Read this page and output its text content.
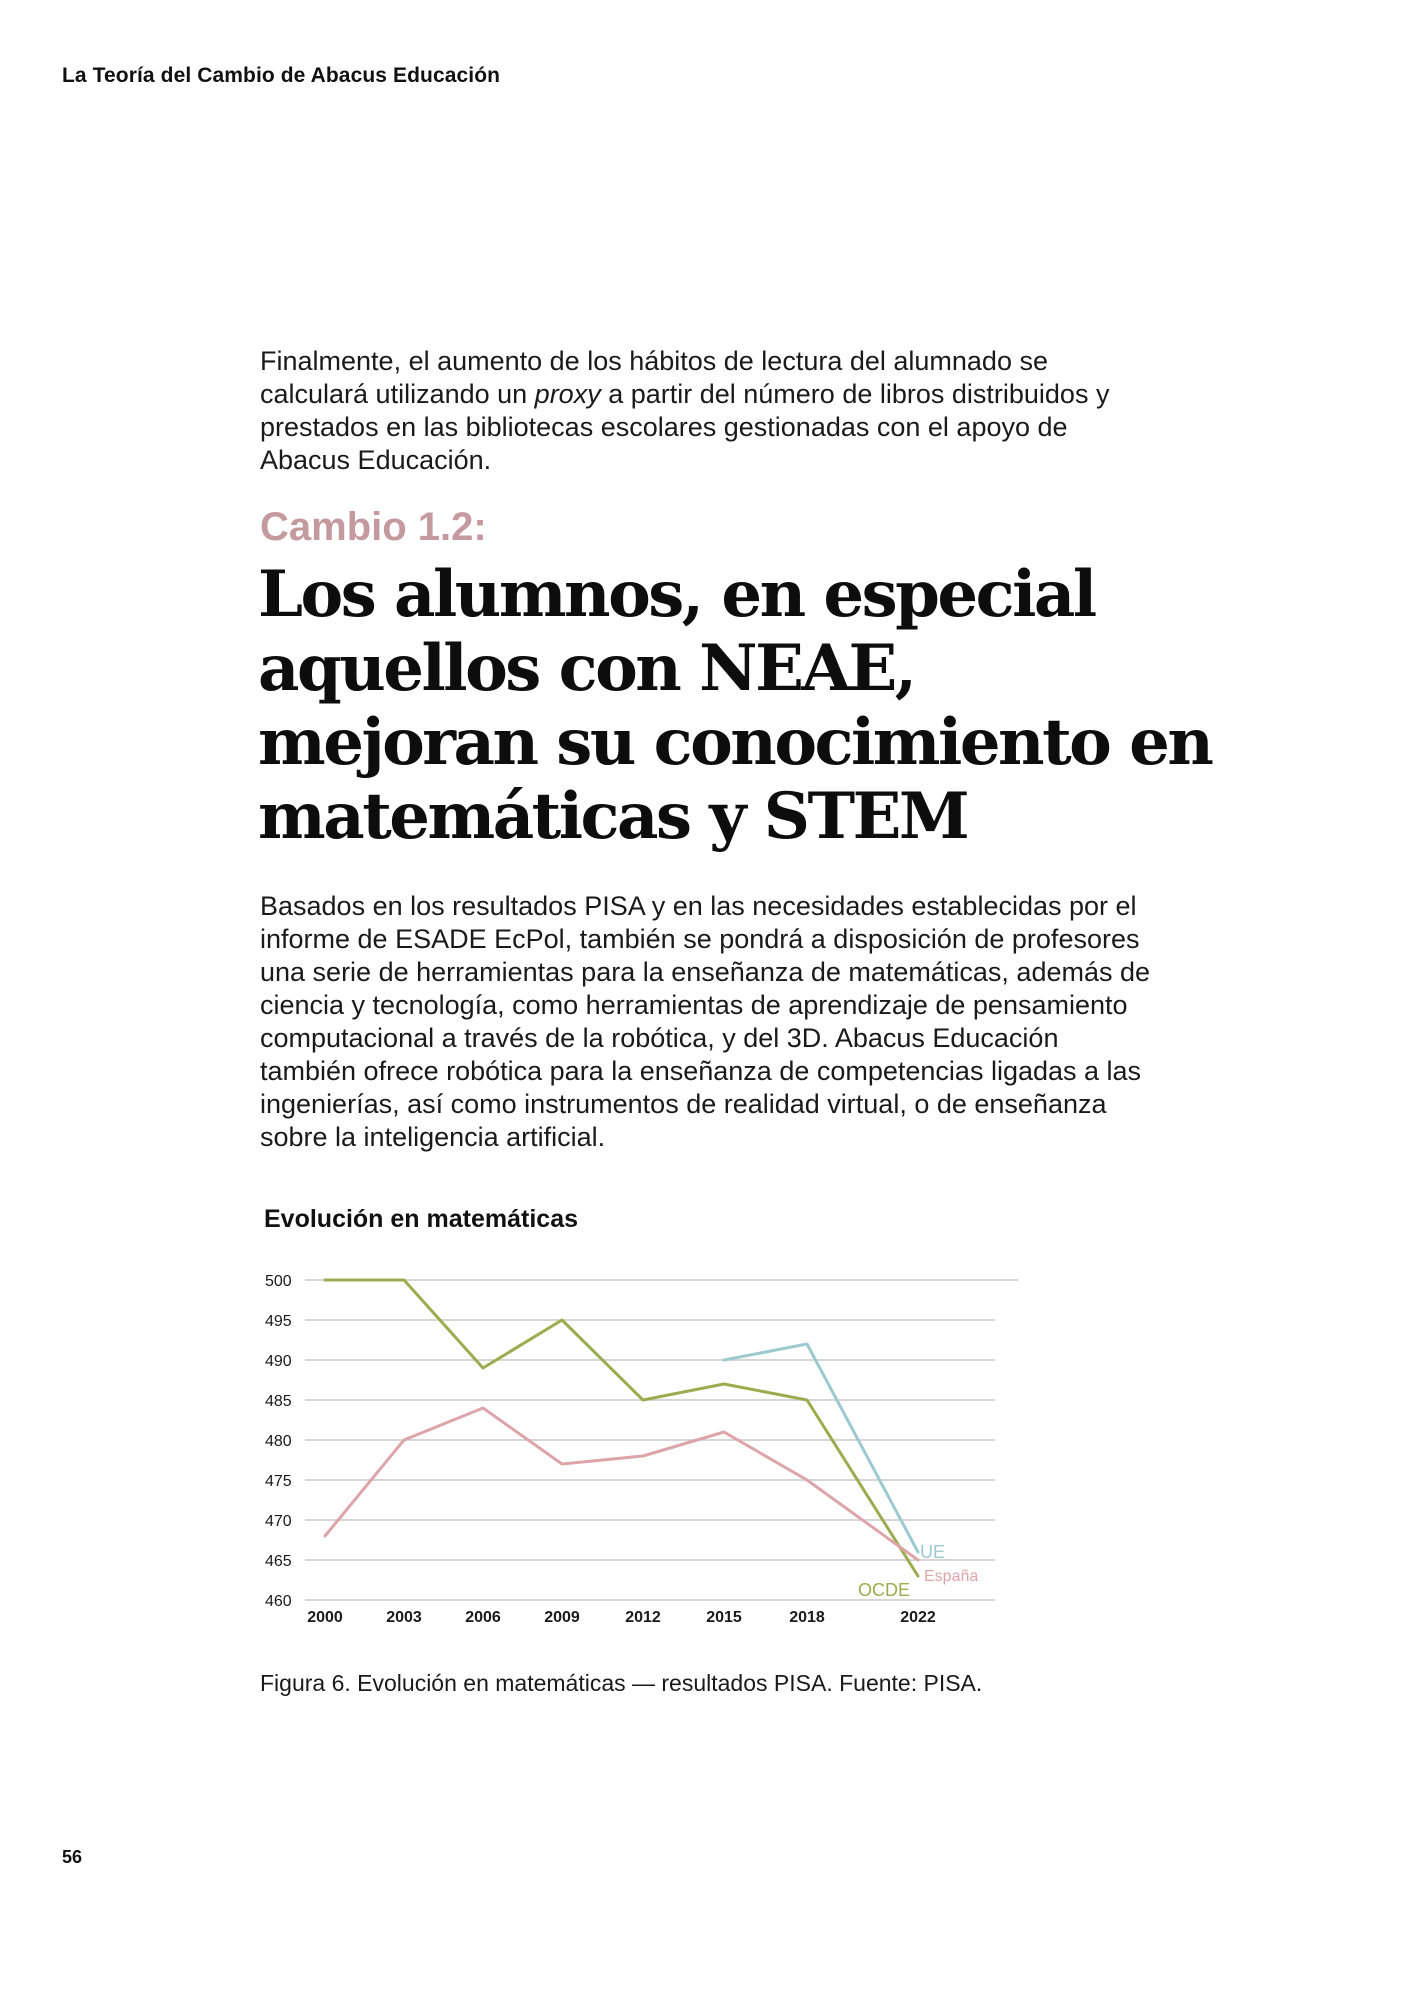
La Teoría del Cambio de Abacus Educación

Finalmente, el aumento de los hábitos de lectura del alumnado se calculará utilizando un proxy a partir del número de libros distribuidos y prestados en las bibliotecas escolares gestionadas con el apoyo de Abacus Educación.

Cambio 1.2:
Los alumnos, en especial
aquellos con NEAE,
mejoran su conocimiento en
matemáticas y STEM

Basados en los resultados PISA y en las necesidades establecidas por el informe de ESADE EcPol, también se pondrá a disposición de profesores una serie de herramientas para la enseñanza de matemáticas, además de ciencia y tecnología, como herramientas de aprendizaje de pensamiento computacional a través de la robótica, y del 3D. Abacus Educación también ofrece robótica para la enseñanza de competencias ligadas a las ingenierías, así como instrumentos de realidad virtual, o de enseñanza sobre la inteligencia artificial.

Evolución en matemáticas
500
495
490
485
480
475
470
465
460
2000	2003	2006	2009	2012	2015	2018	2022
OCDE
España
UE
Figura 6. Evolución en matemáticas — resultados PISA. Fuente: PISA.
56
